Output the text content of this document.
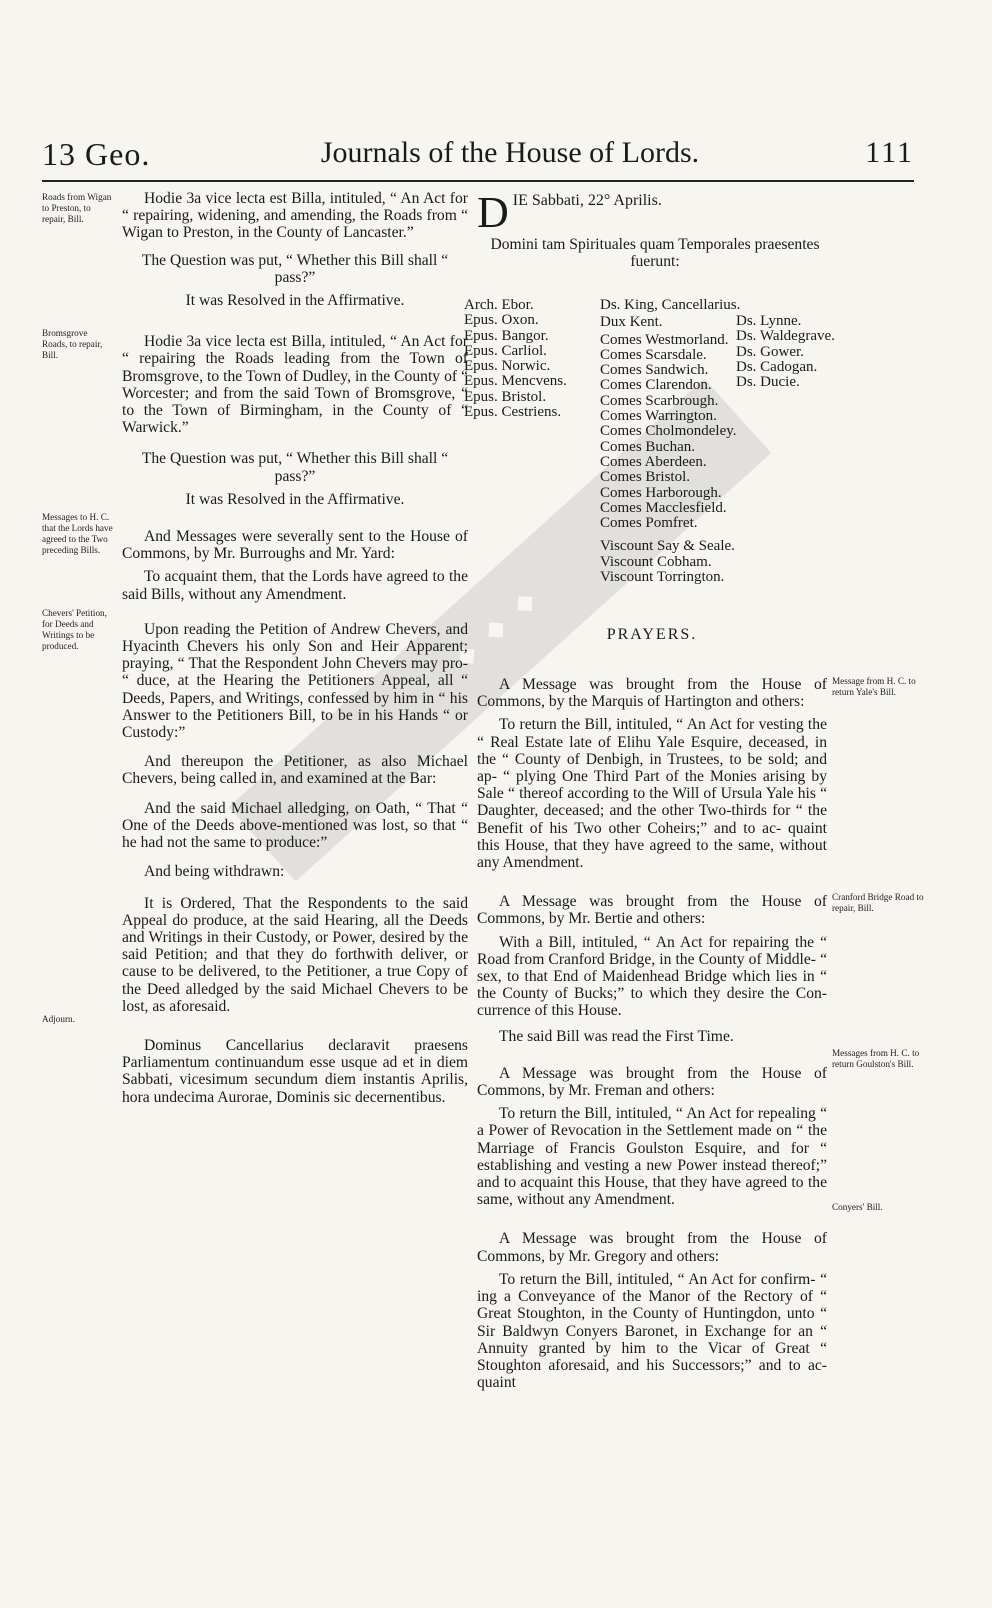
13 Geo.	Journals of the House of Lords.	111
◆ ◆ ◆
Roads from Wigan to Preston, to repair, Bill.
Bromsgrove Roads, to repair, Bill.
Messages to H. C. that the Lords have agreed to the Two preceding Bills.
Chevers' Petition, for Deeds and Writings to be produced.
Adjourn.
Message from H. C. to return Yale's Bill.
Cranford Bridge Road to repair, Bill.
Messages from H. C. to return Goulston's Bill.
Conyers' Bill.

Hodie 3a vice lecta est Billa, intituled, “ An Act for “ repairing, widening, and amending, the Roads from “ Wigan to Preston, in the County of Lancaster.”

The Question was put, “ Whether this Bill shall “ pass?”

It was Resolved in the Affirmative.

Hodie 3a vice lecta est Billa, intituled, “ An Act for “ repairing the Roads leading from the Town of Bromsgrove, to the Town of Dudley, in the County of “ Worcester; and from the said Town of Bromsgrove, “ to the Town of Birmingham, in the County of “ Warwick.”

The Question was put, “ Whether this Bill shall “ pass?”

It was Resolved in the Affirmative.

And Messages were severally sent to the House of Commons, by Mr. Burroughs and Mr. Yard:

To acquaint them, that the Lords have agreed to the said Bills, without any Amendment.

Upon reading the Petition of Andrew Chevers, and Hyacinth Chevers his only Son and Heir Apparent; praying, “ That the Respondent John Chevers may pro- “ duce, at the Hearing the Petitioners Appeal, all “ Deeds, Papers, and Writings, confessed by him in “ his Answer to the Petitioners Bill, to be in his Hands “ or Custody:”

And thereupon the Petitioner, as also Michael Chevers, being called in, and examined at the Bar:

And the said Michael alledging, on Oath, “ That “ One of the Deeds above-mentioned was lost, so that “ he had not the same to produce:”

And being withdrawn:

It is Ordered, That the Respondents to the said Appeal do produce, at the said Hearing, all the Deeds and Writings in their Custody, or Power, desired by the said Petition; and that they do forthwith deliver, or cause to be delivered, to the Petitioner, a true Copy of the Deed alledged by the said Michael Chevers to be lost, as aforesaid.

Dominus Cancellarius declaravit praesens Parliamentum continuandum esse usque ad et in diem Sabbati, vicesimum secundum diem instantis Aprilis, hora undecima Aurorae, Dominis sic decernentibus.

D IE Sabbati, 22° Aprilis.
Domini tam Spirituales quam Temporales praesentes fuerunt:
Arch. Ebor.
Epus. Oxon.
Epus. Bangor.
Epus. Carliol.
Epus. Norwic.
Epus. Mencvens.
Epus. Bristol.
Epus. Cestriens.
Ds. King, Cancellarius.
Dux Kent.
Comes Westmorland.
Comes Scarsdale.
Comes Sandwich.
Comes Clarendon.
Comes Scarbrough.
Comes Warrington.
Comes Cholmondeley.
Comes Buchan.
Comes Aberdeen.
Comes Bristol.
Comes Harborough.
Comes Macclesfield.
Comes Pomfret.
Viscount Say & Seale.
Viscount Cobham.
Viscount Torrington.
Ds. Lynne.
Ds. Waldegrave.
Ds. Gower.
Ds. Cadogan.
Ds. Ducie.
PRAYERS.

A Message was brought from the House of Commons, by the Marquis of Hartington and others:

To return the Bill, intituled, “ An Act for vesting the “ Real Estate late of Elihu Yale Esquire, deceased, in the “ County of Denbigh, in Trustees, to be sold; and ap- “ plying One Third Part of the Monies arising by Sale “ thereof according to the Will of Ursula Yale his “ Daughter, deceased; and the other Two-thirds for “ the Benefit of his Two other Coheirs;” and to ac- quaint this House, that they have agreed to the same, without any Amendment.

A Message was brought from the House of Commons, by Mr. Bertie and others:

With a Bill, intituled, “ An Act for repairing the “ Road from Cranford Bridge, in the County of Middle- “ sex, to that End of Maidenhead Bridge which lies in “ the County of Bucks;” to which they desire the Con- currence of this House.

The said Bill was read the First Time.

A Message was brought from the House of Commons, by Mr. Freman and others:

To return the Bill, intituled, “ An Act for repealing “ a Power of Revocation in the Settlement made on “ the Marriage of Francis Goulston Esquire, and for “ establishing and vesting a new Power instead thereof;” and to acquaint this House, that they have agreed to the same, without any Amendment.

A Message was brought from the House of Commons, by Mr. Gregory and others:

To return the Bill, intituled, “ An Act for confirm- “ ing a Conveyance of the Manor of the Rectory of “ Great Stoughton, in the County of Huntingdon, unto “ Sir Baldwyn Conyers Baronet, in Exchange for an “ Annuity granted by him to the Vicar of Great “ Stoughton aforesaid, and his Successors;” and to ac- quaint
